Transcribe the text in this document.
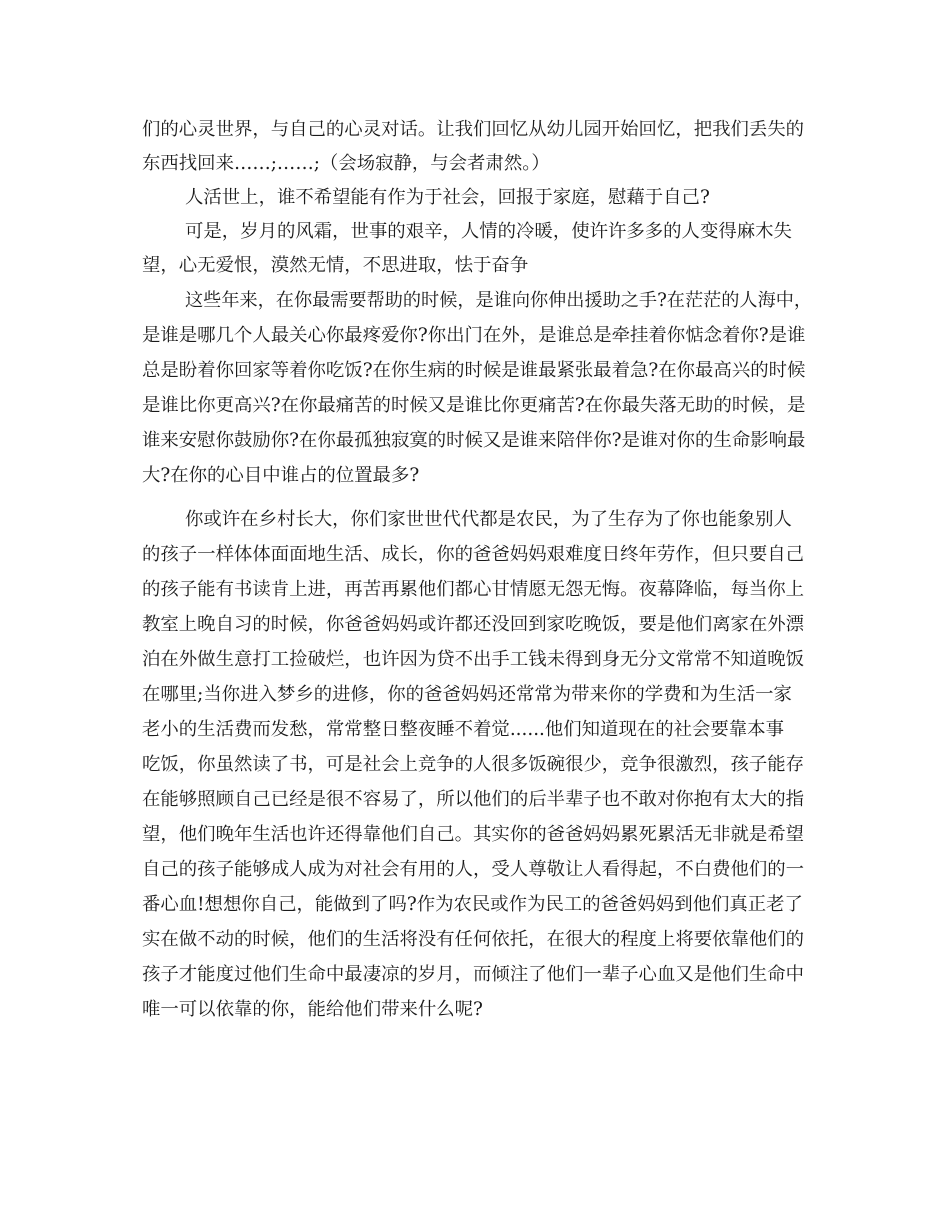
们的心灵世界，与自己的心灵对话。让我们回忆从幼儿园开始回忆，把我们丢失的
东西找回来……;……;（会场寂静，与会者肃然。）
人活世上，谁不希望能有作为于社会，回报于家庭，慰藉于自己?
可是，岁月的风霜，世事的艰辛，人情的冷暖，使许许多多的人变得麻木失
望，心无爱恨，漠然无情，不思进取，怯于奋争
这些年来，在你最需要帮助的时候，是谁向你伸出援助之手?在茫茫的人海中，
是谁是哪几个人最关心你最疼爱你?你出门在外，是谁总是牵挂着你惦念着你?是谁
总是盼着你回家等着你吃饭?在你生病的时候是谁最紧张最着急?在你最高兴的时候
是谁比你更高兴?在你最痛苦的时候又是谁比你更痛苦?在你最失落无助的时候，是
谁来安慰你鼓励你?在你最孤独寂寞的时候又是谁来陪伴你?是谁对你的生命影响最
大?在你的心目中谁占的位置最多?
你或许在乡村长大，你们家世世代代都是农民，为了生存为了你也能象别人
的孩子一样体体面面地生活、成长，你的爸爸妈妈艰难度日终年劳作，但只要自己
的孩子能有书读肯上进，再苦再累他们都心甘情愿无怨无悔。夜幕降临，每当你上
教室上晚自习的时候，你爸爸妈妈或许都还没回到家吃晚饭，要是他们离家在外漂
泊在外做生意打工捡破烂，也许因为贷不出手工钱未得到身无分文常常不知道晚饭
在哪里;当你进入梦乡的进修，你的爸爸妈妈还常常为带来你的学费和为生活一家
老小的生活费而发愁，常常整日整夜睡不着觉......他们知道现在的社会要靠本事
吃饭，你虽然读了书，可是社会上竞争的人很多饭碗很少，竞争很激烈，孩子能存
在能够照顾自己已经是很不容易了，所以他们的后半辈子也不敢对你抱有太大的指
望，他们晚年生活也许还得靠他们自己。其实你的爸爸妈妈累死累活无非就是希望
自己的孩子能够成人成为对社会有用的人，受人尊敬让人看得起，不白费他们的一
番心血!想想你自己，能做到了吗?作为农民或作为民工的爸爸妈妈到他们真正老了
实在做不动的时候，他们的生活将没有任何依托，在很大的程度上将要依靠他们的
孩子才能度过他们生命中最凄凉的岁月，而倾注了他们一辈子心血又是他们生命中
唯一可以依靠的你，能给他们带来什么呢?
